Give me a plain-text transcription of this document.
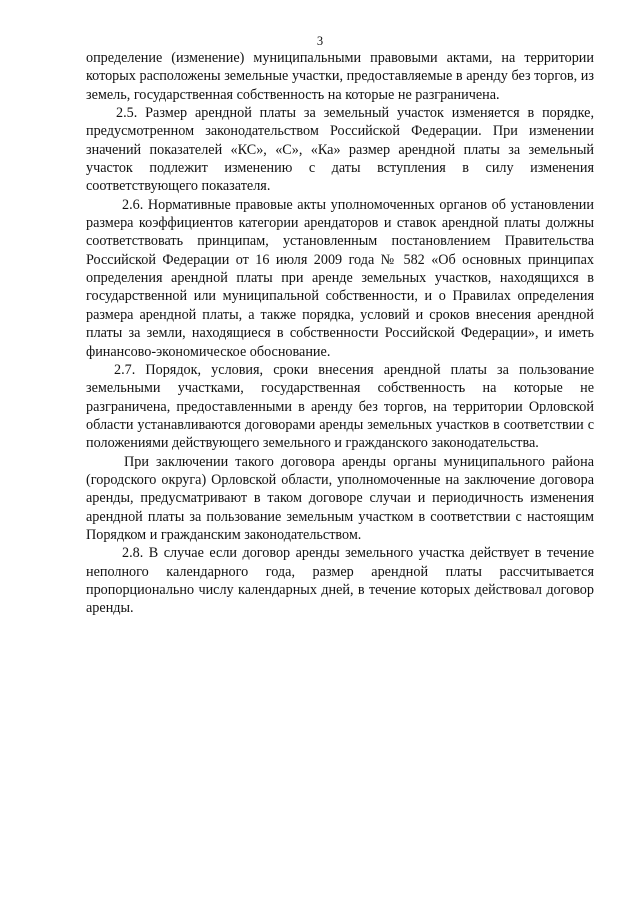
3

определение (изменение) муниципальными правовыми актами, на территории которых расположены земельные участки, предоставляемые в аренду без торгов, из земель, государственная собственность на которые не разграничена.

2.5. Размер арендной платы за земельный участок изменяется в порядке, предусмотренном законодательством Российской Федерации. При изменении значений показателей «КС», «С», «Ка» размер арендной платы за земельный участок подлежит изменению с даты вступления в силу изменения соответствующего показателя.

2.6. Нормативные правовые акты уполномоченных органов об установлении размера коэффициентов категории арендаторов и ставок арендной платы должны соответствовать принципам, установленным постановлением Правительства Российской Федерации от 16 июля 2009 года № 582 «Об основных принципах определения арендной платы при аренде земельных участков, находящихся в государственной или муниципальной собственности, и о Правилах определения размера арендной платы, а также порядка, условий и сроков внесения арендной платы за земли, находящиеся в собственности Российской Федерации», и иметь финансово-экономическое обоснование.

2.7. Порядок, условия, сроки внесения арендной платы за пользование земельными участками, государственная собственность на которые не разграничена, предоставленными в аренду без торгов, на территории Орловской области устанавливаются договорами аренды земельных участков в соответствии с положениями действующего земельного и гражданского законодательства.

При заключении такого договора аренды органы муниципального района (городского округа) Орловской области, уполномоченные на заключение договора аренды, предусматривают в таком договоре случаи и периодичность изменения арендной платы за пользование земельным участком в соответствии с настоящим Порядком и гражданским законодательством.

2.8. В случае если договор аренды земельного участка действует в течение неполного календарного года, размер арендной платы рассчитывается пропорционально числу календарных дней, в течение которых действовал договор аренды.
